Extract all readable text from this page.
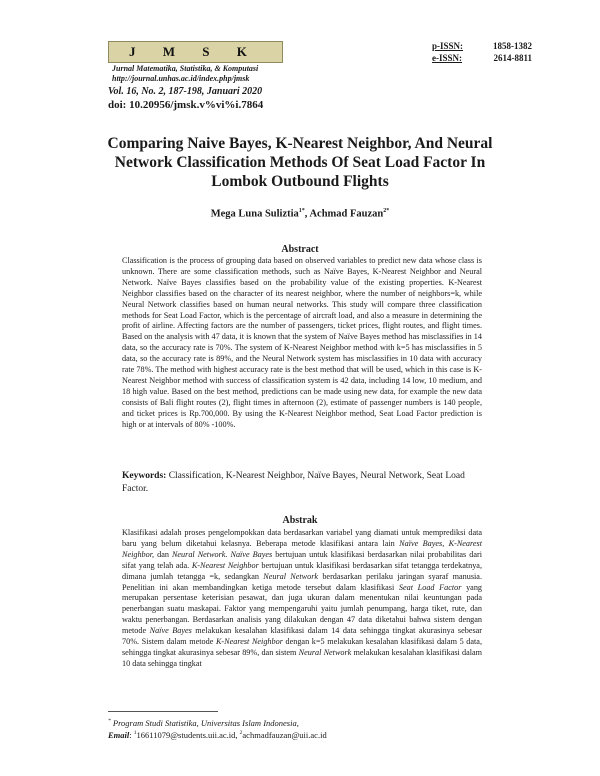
J M S K
Jurnal Matematika, Statistika, & Komputasi
http://journal.unhas.ac.id/index.php/jmsk
Vol. 16, No. 2, 187-198, Januari 2020
doi: 10.20956/jmsk.v%vi%i.7864
p-ISSN:	1858-1382
e-ISSN:	2614-8811
Comparing Naive Bayes, K-Nearest Neighbor, And Neural Network Classification Methods Of Seat Load Factor In Lombok Outbound Flights
Mega Luna Suliztia$^{1*}$, Achmad Fauzan$^{2*}$
Abstract
Classification is the process of grouping data based on observed variables to predict new data whose class is unknown. There are some classification methods, such as Naïve Bayes, K-Nearest Neighbor and Neural Network. Naïve Bayes classifies based on the probability value of the existing properties. K-Nearest Neighbor classifies based on the character of its nearest neighbor, where the number of neighbors=k, while Neural Network classifies based on human neural networks. This study will compare three classification methods for Seat Load Factor, which is the percentage of aircraft load, and also a measure in determining the profit of airline. Affecting factors are the number of passengers, ticket prices, flight routes, and flight times. Based on the analysis with 47 data, it is known that the system of Naïve Bayes method has misclassifies in 14 data, so the accuracy rate is 70%. The system of K-Nearest Neighbor method with k=5 has misclassifies in 5 data, so the accuracy rate is 89%, and the Neural Network system has misclassifies in 10 data with accuracy rate 78%. The method with highest accuracy rate is the best method that will be used, which in this case is K-Nearest Neighbor method with success of classification system is 42 data, including 14 low, 10 medium, and 18 high value. Based on the best method, predictions can be made using new data, for example the new data consists of Bali flight routes (2), flight times in afternoon (2), estimate of passenger numbers is 140 people, and ticket prices is Rp.700,000. By using the K-Nearest Neighbor method, Seat Load Factor prediction is high or at intervals of 80% -100%.
Keywords: Classification, K-Nearest Neighbor, Naïve Bayes, Neural Network, Seat Load Factor.
Abstrak
Klasifikasi adalah proses pengelompokkan data berdasarkan variabel yang diamati untuk memprediksi data baru yang belum diketahui kelasnya. Beberapa metode klasifikasi antara lain Naïve Bayes, K-Nearest Neighbor, dan Neural Network. Naïve Bayes bertujuan untuk klasifikasi berdasarkan nilai probabilitas dari sifat yang telah ada. K-Nearest Neighbor bertujuan untuk klasifikasi berdasarkan sifat tetangga terdekatnya, dimana jumlah tetangga =k, sedangkan Neural Network berdasarkan perilaku jaringan syaraf manusia. Penelitian ini akan membandingkan ketiga metode tersebut dalam klasifikasi Seat Load Factor yang merupakan persentase keterisian pesawat, dan juga ukuran dalam menentukan nilai keuntungan pada penerbangan suatu maskapai. Faktor yang mempengaruhi yaitu jumlah penumpang, harga tiket, rute, dan waktu penerbangan. Berdasarkan analisis yang dilakukan dengan 47 data diketahui bahwa sistem dengan metode Naïve Bayes melakukan kesalahan klasifikasi dalam 14 data sehingga tingkat akurasinya sebesar 70%. Sistem dalam metode K-Nearest Neighbor dengan k=5 melakukan kesalahan klasifikasi dalam 5 data, sehingga tingkat akurasinya sebesar 89%, dan sistem Neural Network melakukan kesalahan klasifikasi dalam 10 data sehingga tingkat
* Program Studi Statistika, Universitas Islam Indonesia,
Email: $^1$16611079@students.uii.ac.id, $^2$achmadfauzan@uii.ac.id
